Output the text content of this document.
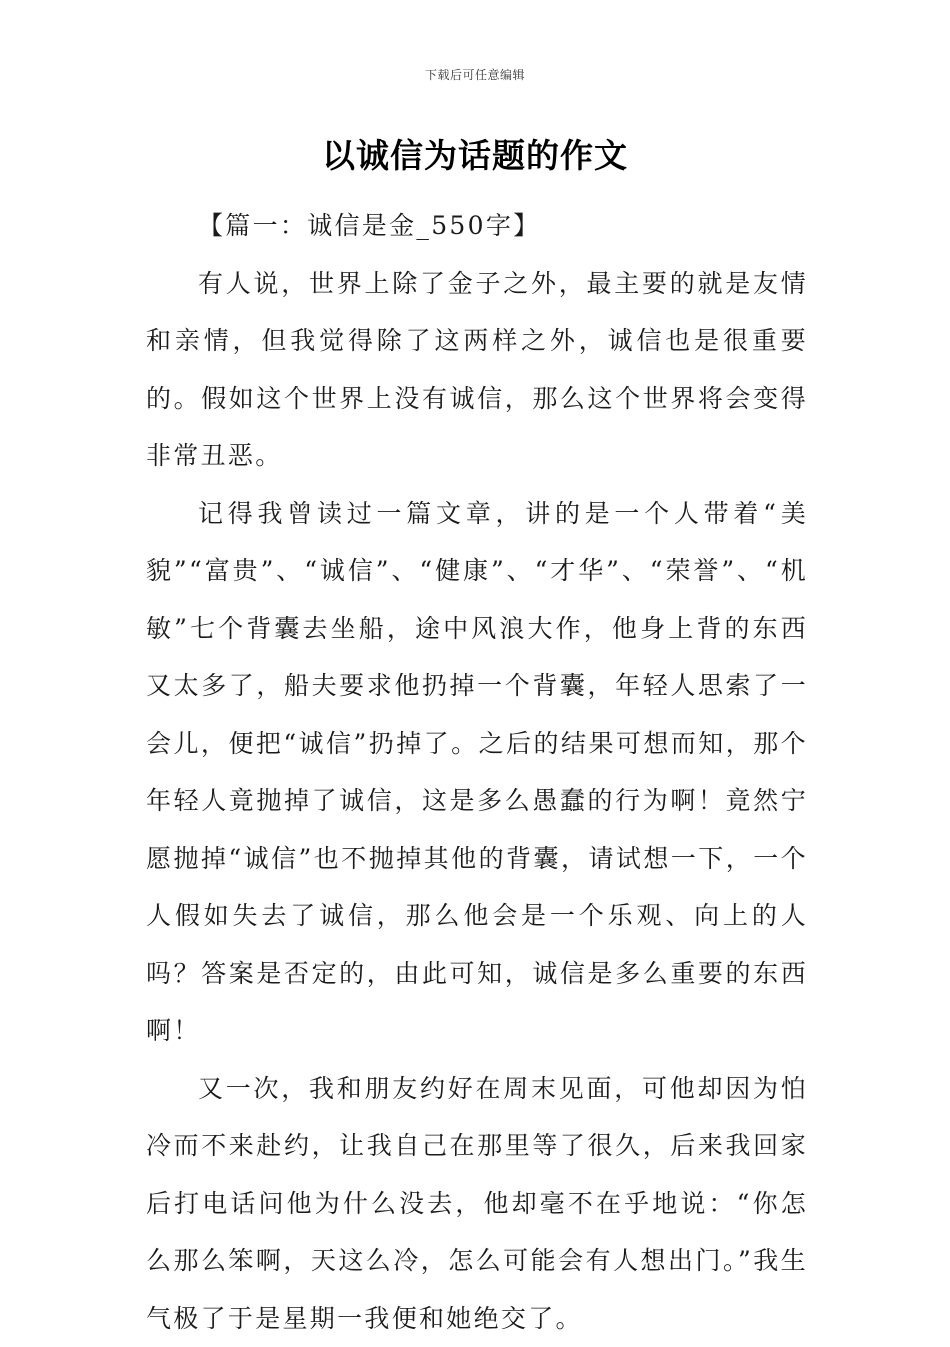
下载后可任意编辑
以诚信为话题的作文

【篇一：诚信是金_550字】

有人说，世界上除了金子之外，最主要的就是友情和亲情，但我觉得除了这两样之外，诚信也是很重要的。假如这个世界上没有诚信，那么这个世界将会变得非常丑恶。

记得我曾读过一篇文章，讲的是一个人带着“美貌”“富贵”、“诚信”、“健康”、“才华”、“荣誉”、“机敏”七个背囊去坐船，途中风浪大作，他身上背的东西又太多了，船夫要求他扔掉一个背囊，年轻人思索了一会儿，便把“诚信”扔掉了。之后的结果可想而知，那个年轻人竟抛掉了诚信，这是多么愚蠢的行为啊！竟然宁愿抛掉“诚信”也不抛掉其他的背囊，请试想一下，一个人假如失去了诚信，那么他会是一个乐观、向上的人吗？答案是否定的，由此可知，诚信是多么重要的东西啊！

又一次，我和朋友约好在周末见面，可他却因为怕冷而不来赴约，让我自己在那里等了很久，后来我回家后打电话问他为什么没去，他却毫不在乎地说：“你怎么那么笨啊，天这么冷，怎么可能会有人想出门。”我生气极了于是星期一我便和她绝交了。
